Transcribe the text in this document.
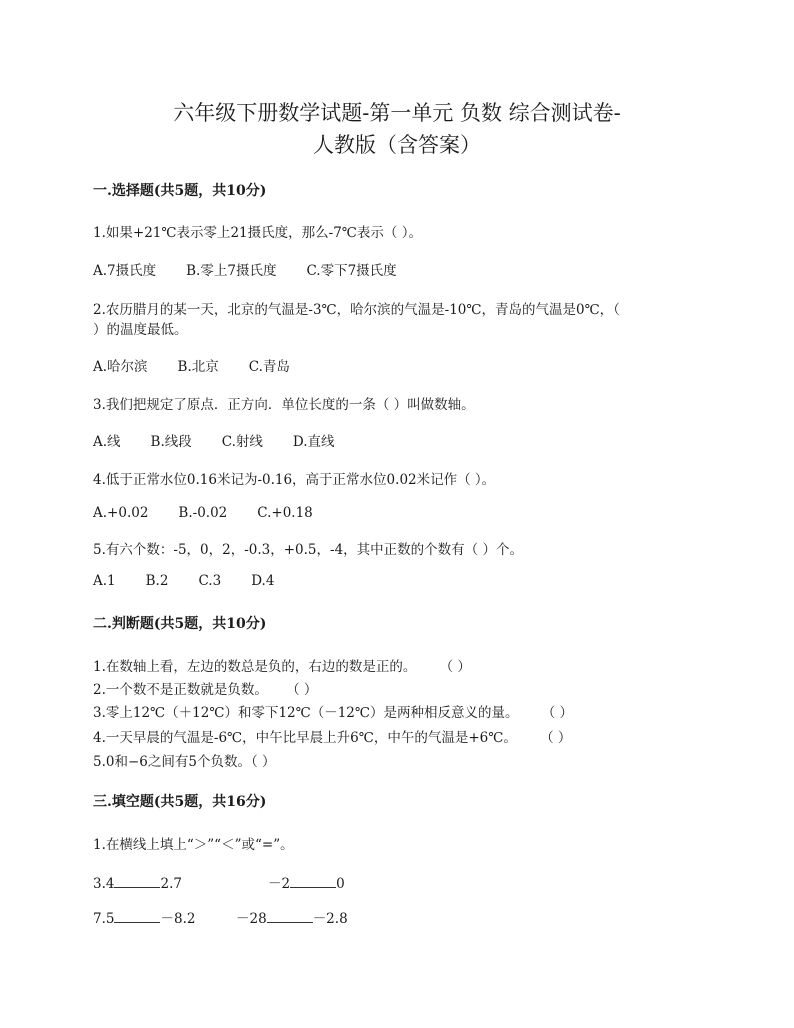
六年级下册数学试题-第一单元 负数 综合测试卷-
人教版（含答案）
一.选择题(共5题，共10分)
1.如果+21℃表示零上21摄氏度，那么-7℃表示（ ）。
A.7摄氏度 B.零上7摄氏度 C.零下7摄氏度
2.农历腊月的某一天，北京的气温是-3℃，哈尔滨的气温是-10℃，青岛的气温是0℃，（
）的温度最低。
A.哈尔滨 B.北京 C.青岛
3.我们把规定了原点．正方向．单位长度的一条（ ）叫做数轴。
A.线 B.线段 C.射线 D.直线
4.低于正常水位0.16米记为-0.16，高于正常水位0.02米记作（ ）。
A.+0.02 B.-0.02 C.+0.18
5.有六个数：-5，0，2，-0.3，+0.5，-4，其中正数的个数有（ ）个。
A.1 B.2 C.3 D.4
二.判断题(共5题，共10分)
1.在数轴上看，左边的数总是负的，右边的数是正的。 （ ）
2.一个数不是正数就是负数。 （ ）
3.零上12℃（＋12℃）和零下12℃（－12℃）是两种相反意义的量。 （ ）
4.一天早晨的气温是-6℃，中午比早晨上升6℃，中午的气温是+6℃。 （ ）
5.0和−6之间有5个负数。（ ）
三.填空题(共5题，共16分)
1.在横线上填上“＞”“＜”或“=”。
3.4	2.7	－2	0
7.5	－8.2	－28	－2.8
